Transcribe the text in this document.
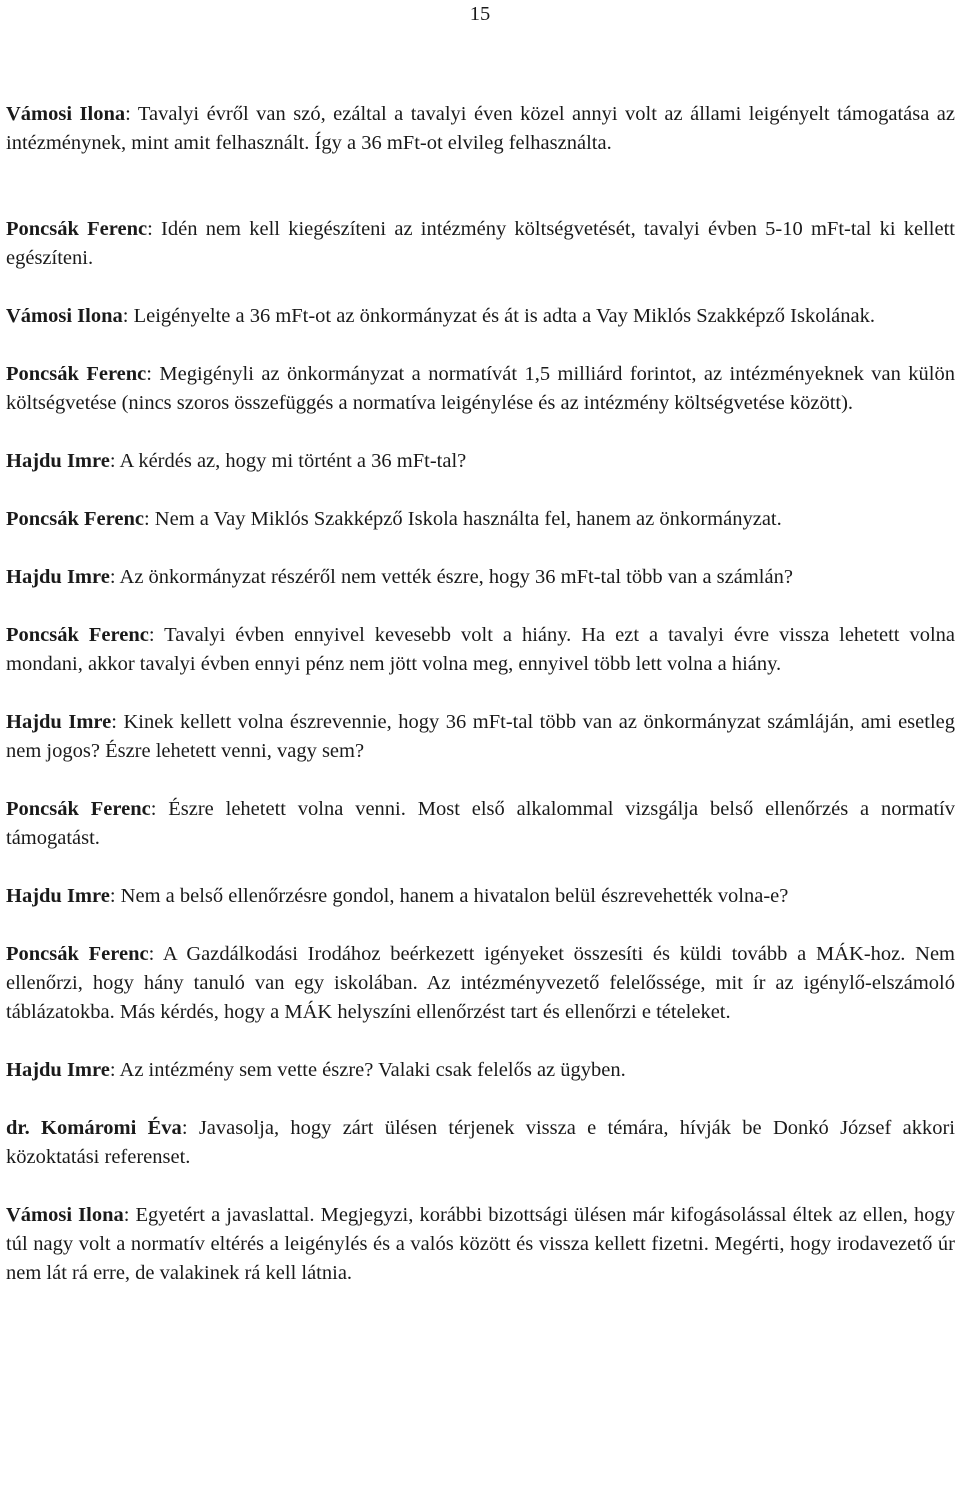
15

Vámosi Ilona: Tavalyi évről van szó, ezáltal a tavalyi éven közel annyi volt az állami leigényelt támogatása az intézménynek, mint amit felhasznált. Így a 36 mFt-ot elvileg felhasználta.

Poncsák Ferenc: Idén nem kell kiegészíteni az intézmény költségvetését, tavalyi évben 5-10 mFt-tal ki kellett egészíteni.

Vámosi Ilona: Leigényelte a 36 mFt-ot az önkormányzat és át is adta a Vay Miklós Szakképző Iskolának.

Poncsák Ferenc: Megigényli az önkormányzat a normatívát 1,5 milliárd forintot, az intézményeknek van külön költségvetése (nincs szoros összefüggés a normatíva leigénylése és az intézmény költségvetése között).

Hajdu Imre: A kérdés az, hogy mi történt a 36 mFt-tal?

Poncsák Ferenc: Nem a Vay Miklós Szakképző Iskola használta fel, hanem az önkormányzat.

Hajdu Imre: Az önkormányzat részéről nem vették észre, hogy 36 mFt-tal több van a számlán?

Poncsák Ferenc: Tavalyi évben ennyivel kevesebb volt a hiány. Ha ezt a tavalyi évre vissza lehetett volna mondani, akkor tavalyi évben ennyi pénz nem jött volna meg, ennyivel több lett volna a hiány.

Hajdu Imre: Kinek kellett volna észrevennie, hogy 36 mFt-tal több van az önkormányzat számláján, ami esetleg nem jogos? Észre lehetett venni, vagy sem?

Poncsák Ferenc: Észre lehetett volna venni. Most első alkalommal vizsgálja belső ellenőrzés a normatív támogatást.

Hajdu Imre: Nem a belső ellenőrzésre gondol, hanem a hivatalon belül észrevehették volna-e?

Poncsák Ferenc: A Gazdálkodási Irodához beérkezett igényeket összesíti és küldi tovább a MÁK-hoz. Nem ellenőrzi, hogy hány tanuló van egy iskolában. Az intézményvezető felelőssége, mit ír az igénylő-elszámoló táblázatokba. Más kérdés, hogy a MÁK helyszíni ellenőrzést tart és ellenőrzi e tételeket.

Hajdu Imre: Az intézmény sem vette észre? Valaki csak felelős az ügyben.

dr. Komáromi Éva: Javasolja, hogy zárt ülésen térjenek vissza e témára, hívják be Donkó József akkori közoktatási referenset.

Vámosi Ilona: Egyetért a javaslattal. Megjegyzi, korábbi bizottsági ülésen már kifogásolással éltek az ellen, hogy túl nagy volt a normatív eltérés a leigénylés és a valós között és vissza kellett fizetni. Megérti, hogy irodavezető úr nem lát rá erre, de valakinek rá kell látnia.
